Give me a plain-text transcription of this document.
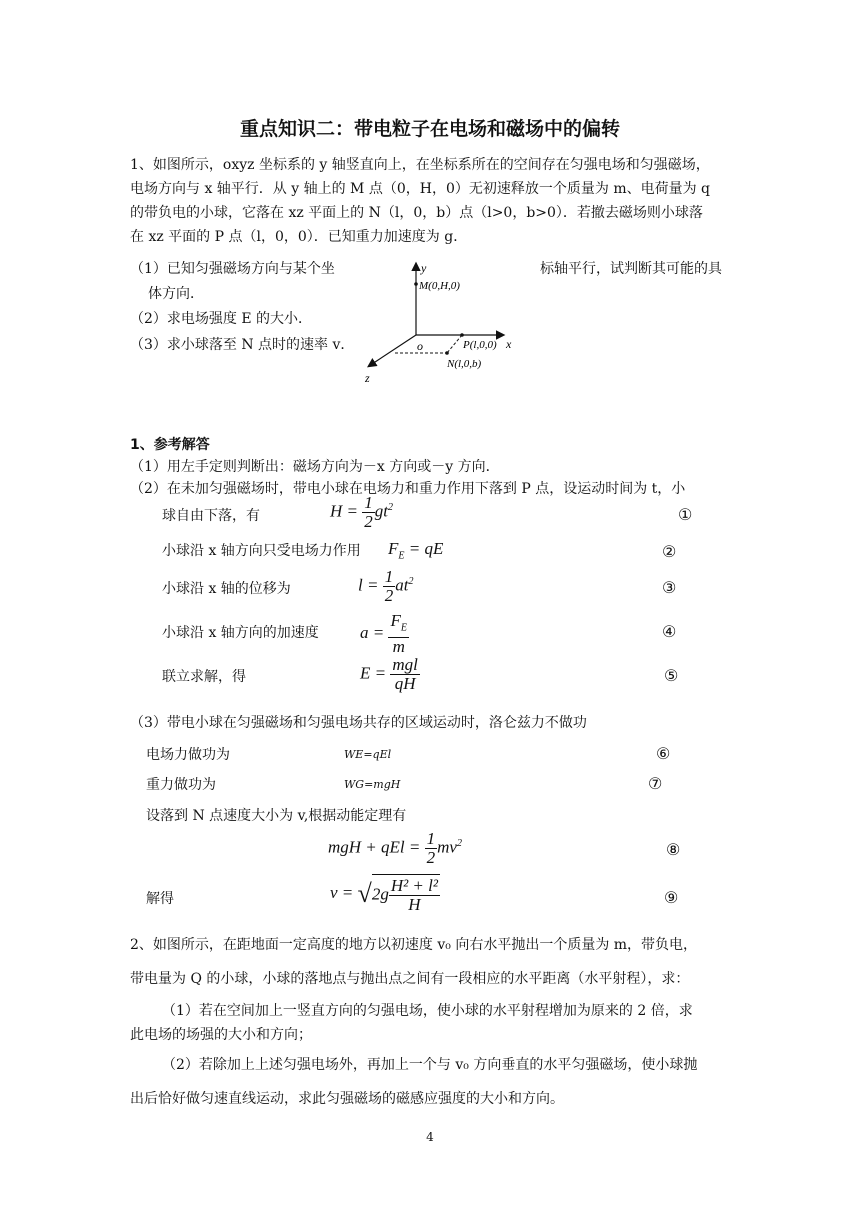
重点知识二：带电粒子在电场和磁场中的偏转
1、如图所示，oxyz 坐标系的 y 轴竖直向上，在坐标系所在的空间存在匀强电场和匀强磁场，
电场方向与 x 轴平行．从 y 轴上的 M 点（0，H，0）无初速释放一个质量为 m、电荷量为 q
的带负电的小球，它落在 xz 平面上的 N（l，0，b）点（l>0，b>0）．若撤去磁场则小球落
在 xz 平面的 P 点（l，0，0）．已知重力加速度为 g．
（1）已知匀强磁场方向与某个坐	标轴平行，试判断其可能的具
体方向．
（2）求电场强度 E 的大小．
（3）求小球落至 N 点时的速率 v．
y
x
z
o
M(0,H,0)
P(l,0,0)
N(l,0,b)
1、参考解答
（1）用左手定则判断出：磁场方向为－x 方向或－y 方向．
（2）在未加匀强磁场时，带电小球在电场力和重力作用下落到 P 点，设运动时间为 t，小
球自由下落，有	$H = \frac{1}{2} gt^2$	①
小球沿 x 轴方向只受电场力作用 $F_E$ = qE	②
小球沿 x 轴的位移为	$l = \frac{1}{2} at^2$	③
小球沿 x 轴方向的加速度 $a = \frac{F_E}{m}$	④
联立求解，得	$E = \frac{\text{mgl}}{qH}$	⑤
（3）带电小球在匀强磁场和匀强电场共存的区域运动时，洛仑兹力不做功
电场力做功为	WE=qEl	⑥
重力做功为	WG=mgH	⑦
设落到 N 点速度大小为 v,根据动能定理有
mgH + qEl = $\frac{1}{2} mv^2$	⑧
解得	$v = √2g \frac{\text{H² + l²}}{H}$	⑨
2、如图所示，在距地面一定高度的地方以初速度 v₀ 向右水平抛出一个质量为 m，带负电，
带电量为 Q 的小球，小球的落地点与抛出点之间有一段相应的水平距离（水平射程），求：
（1）若在空间加上一竖直方向的匀强电场，使小球的水平射程增加为原来的 2 倍，求
此电场的场强的大小和方向；
（2）若除加上上述匀强电场外，再加上一个与 v₀ 方向垂直的水平匀强磁场，使小球抛
出后恰好做匀速直线运动，求此匀强磁场的磁感应强度的大小和方向。
4
